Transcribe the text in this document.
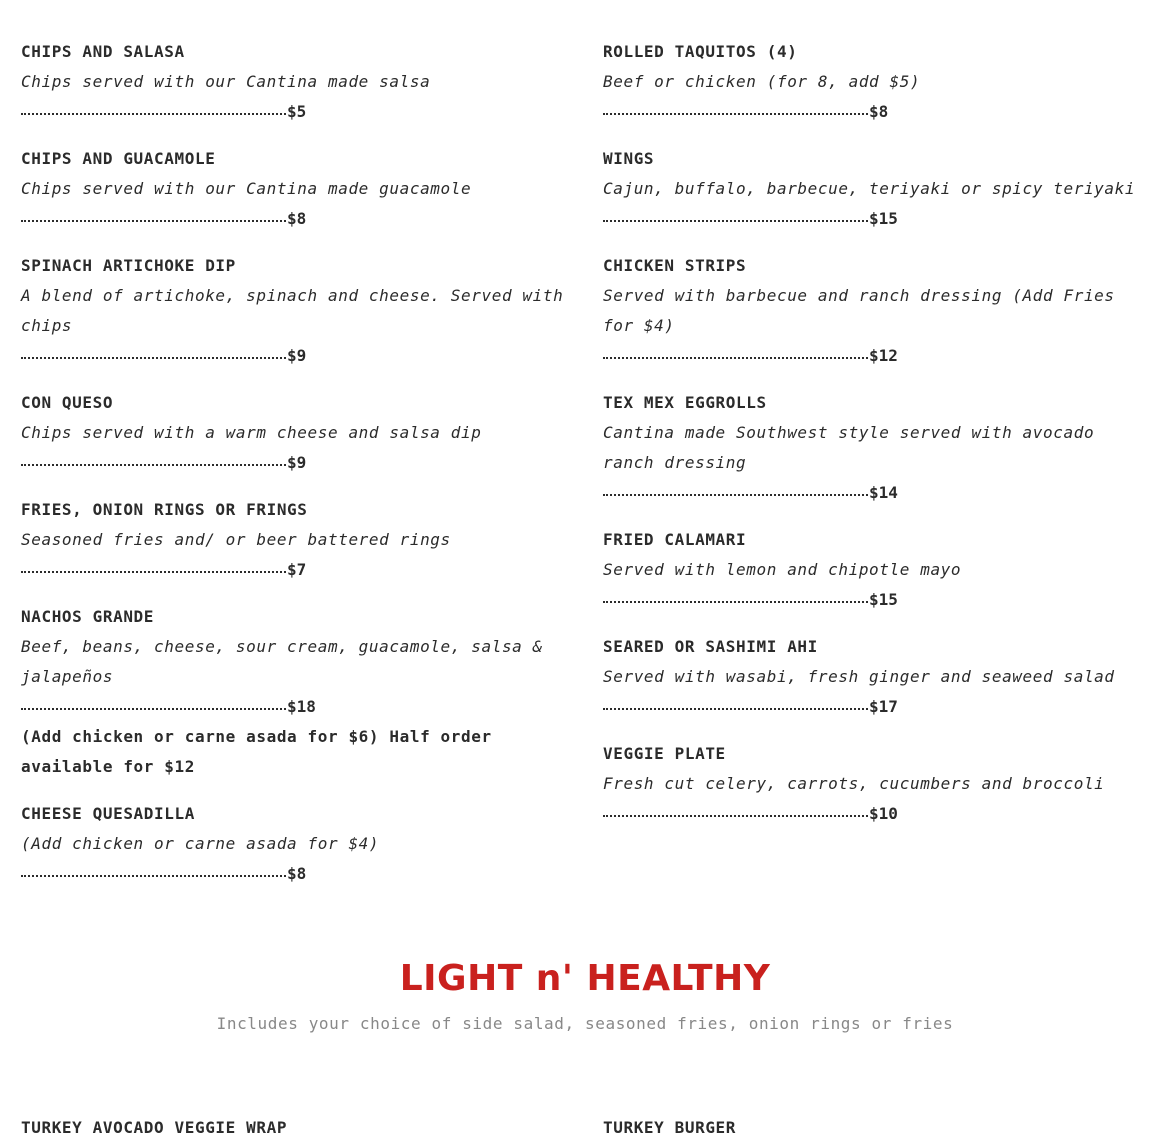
CHIPS AND SALASA
Chips served with our Cantina made salsa
$5
CHIPS AND GUACAMOLE
Chips served with our Cantina made guacamole
$8
SPINACH ARTICHOKE DIP
A blend of artichoke, spinach and cheese. Served with chips
$9
CON QUESO
Chips served with a warm cheese and salsa dip
$9
FRIES, ONION RINGS OR FRINGS
Seasoned fries and/ or beer battered rings
$7
NACHOS GRANDE
Beef, beans, cheese, sour cream, guacamole, salsa & jalapeños
$18
(Add chicken or carne asada for $6) Half order available for $12
CHEESE QUESADILLA
(Add chicken or carne asada for $4)
$8
ROLLED TAQUITOS (4)
Beef or chicken (for 8, add $5)
$8
WINGS
Cajun, buffalo, barbecue, teriyaki or spicy teriyaki
$15
CHICKEN STRIPS
Served with barbecue and ranch dressing (Add Fries for $4)
$12
TEX MEX EGGROLLS
Cantina made Southwest style served with avocado ranch dressing
$14
FRIED CALAMARI
Served with lemon and chipotle mayo
$15
SEARED OR SASHIMI AHI
Served with wasabi, fresh ginger and seaweed salad
$17
VEGGIE PLATE
Fresh cut celery, carrots, cucumbers and broccoli
$10
LIGHT n' HEALTHY
Includes your choice of side salad, seasoned fries, onion rings or fries
TURKEY AVOCADO VEGGIE WRAP	TURKEY BURGER
